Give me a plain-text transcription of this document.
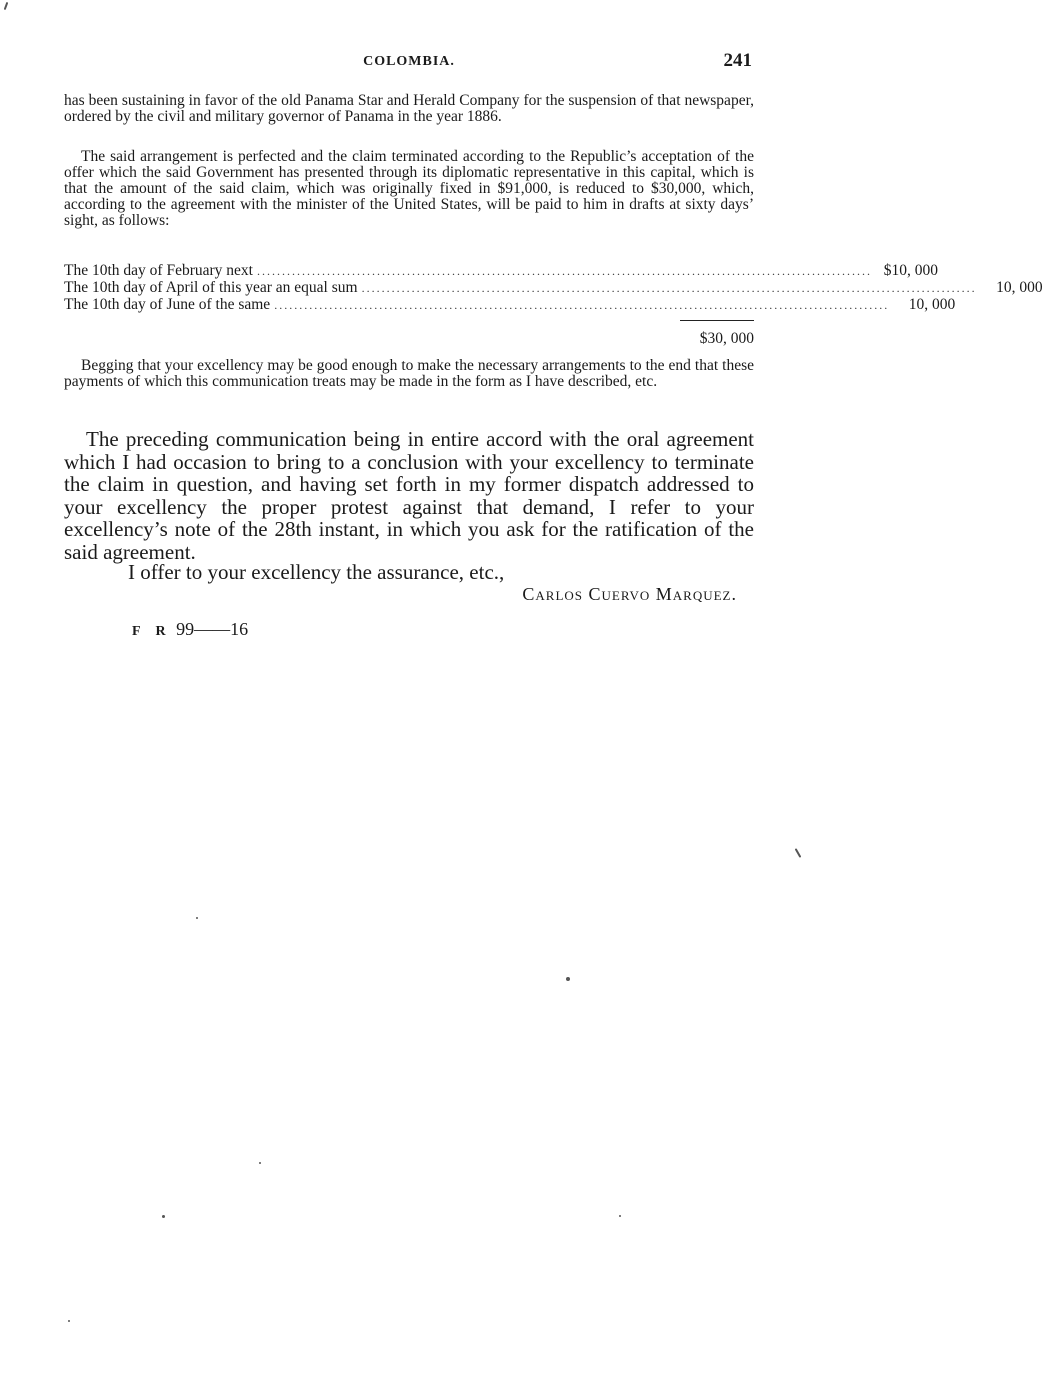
COLOMBIA.	241

has been sustaining in favor of the old Panama Star and Herald Company for the suspension of that newspaper, ordered by the civil and military governor of Panama in the year 1886.

The said arrangement is perfected and the claim terminated according to the Republic’s acceptation of the offer which the said Government has presented through its diplomatic representative in this capital, which is that the amount of the said claim, which was originally fixed in $91,000, is reduced to $30,000, which, according to the agreement with the minister of the United States, will be paid to him in drafts at sixty days’ sight, as follows:

The 10th day of February next ........................................................................................................................... $10, 000
The 10th day of April of this year an equal sum ...........................................................................................................................	10, 000
The 10th day of June of the same ...........................................................................................................................	10, 000
$30, 000

Begging that your excellency may be good enough to make the necessary arrangements to the end that these payments of which this communication treats may be made in the form as I have described, etc.

The preceding communication being in entire accord with the oral agreement which I had occasion to bring to a conclusion with your excellency to terminate the claim in question, and having set forth in my former dispatch addressed to your excellency the proper protest against that demand, I refer to your excellency’s note of the 28th instant, in which you ask for the ratification of the said agreement.

I offer to your excellency the assurance, etc.,

Carlos Cuervo Marquez.
F R 99——16
